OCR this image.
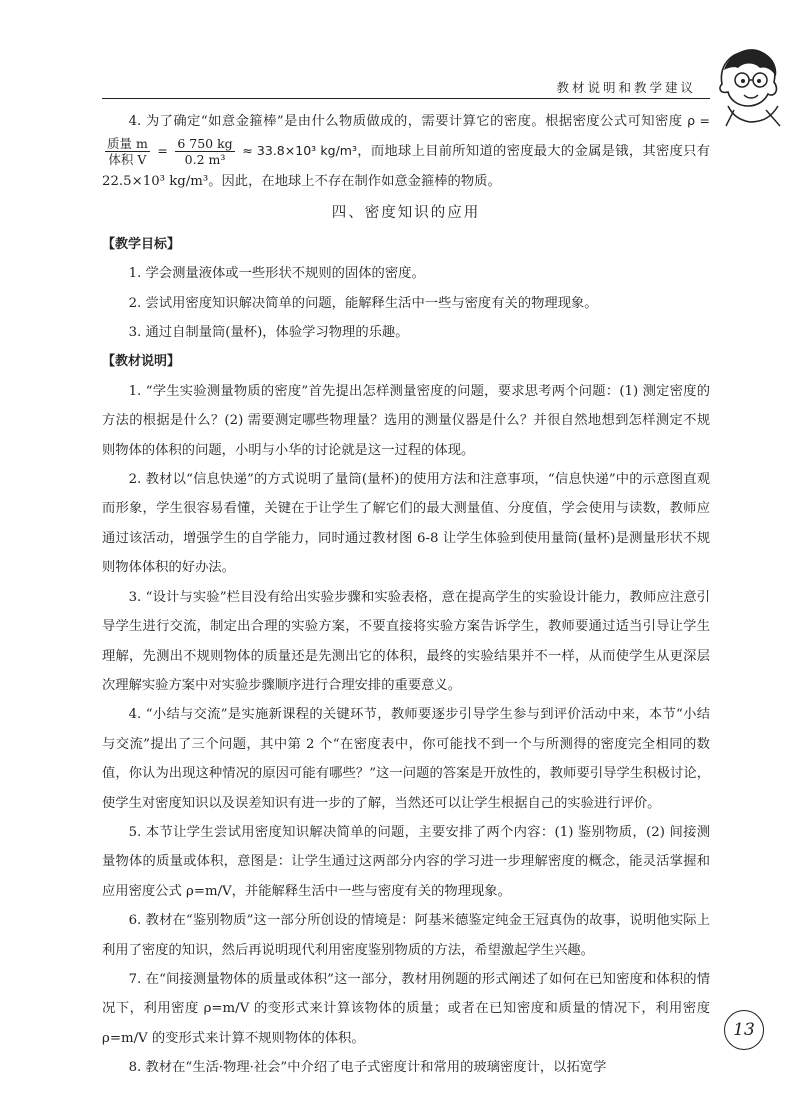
教材说明和教学建议

4. 为了确定“如意金箍棒”是由什么物质做成的，需要计算它的密度。根据密度公式可知密度 ρ =
$\frac{\text{质量 m}}{\text{体积 V}} = \frac{6 750 kg}{\text{0.2 m³}} \approx 33.8\times 10^3$ kg/m³，而地球上目前所知道的密度最大的金属是锇，其密度只有 22.5×10³ kg/m³。因此，在地球上不存在制作如意金箍棒的物质。

四、密度知识的应用

【教学目标】

1. 学会测量液体或一些形状不规则的固体的密度。

2. 尝试用密度知识解决简单的问题，能解释生活中一些与密度有关的物理现象。

3. 通过自制量筒(量杯)，体验学习物理的乐趣。

【教材说明】

1. “学生实验测量物质的密度”首先提出怎样测量密度的问题，要求思考两个问题：(1) 测定密度的方法的根据是什么？(2) 需要测定哪些物理量？选用的测量仪器是什么？并很自然地想到怎样测定不规则物体的体积的问题，小明与小华的讨论就是这一过程的体现。

2. 教材以“信息快递”的方式说明了量筒(量杯)的使用方法和注意事项，“信息快递”中的示意图直观而形象，学生很容易看懂，关键在于让学生了解它们的最大测量值、分度值，学会使用与读数，教师应通过该活动，增强学生的自学能力，同时通过教材图 6-8 让学生体验到使用量筒(量杯)是测量形状不规则物体体积的好办法。

3. “设计与实验”栏目没有给出实验步骤和实验表格，意在提高学生的实验设计能力，教师应注意引导学生进行交流，制定出合理的实验方案，不要直接将实验方案告诉学生，教师要通过适当引导让学生理解，先测出不规则物体的质量还是先测出它的体积，最终的实验结果并不一样，从而使学生从更深层次理解实验方案中对实验步骤顺序进行合理安排的重要意义。

4. “小结与交流”是实施新课程的关键环节，教师要逐步引导学生参与到评价活动中来，本节“小结与交流”提出了三个问题，其中第 2 个“在密度表中，你可能找不到一个与所测得的密度完全相同的数值，你认为出现这种情况的原因可能有哪些？”这一问题的答案是开放性的，教师要引导学生积极讨论，使学生对密度知识以及误差知识有进一步的了解，当然还可以让学生根据自己的实验进行评价。

5. 本节让学生尝试用密度知识解决简单的问题，主要安排了两个内容：(1) 鉴别物质，(2) 间接测量物体的质量或体积，意图是：让学生通过这两部分内容的学习进一步理解密度的概念，能灵活掌握和应用密度公式 ρ=m/V，并能解释生活中一些与密度有关的物理现象。

6. 教材在“鉴别物质”这一部分所创设的情境是：阿基米德鉴定纯金王冠真伪的故事，说明他实际上利用了密度的知识，然后再说明现代利用密度鉴别物质的方法，希望激起学生兴趣。

7. 在“间接测量物体的质量或体积”这一部分，教材用例题的形式阐述了如何在已知密度和体积的情况下，利用密度 ρ=m/V 的变形式来计算该物体的质量；或者在已知密度和质量的情况下，利用密度 ρ=m/V 的变形式来计算不规则物体的体积。

8. 教材在“生活·物理·社会”中介绍了电子式密度计和常用的玻璃密度计，以拓宽学

13
